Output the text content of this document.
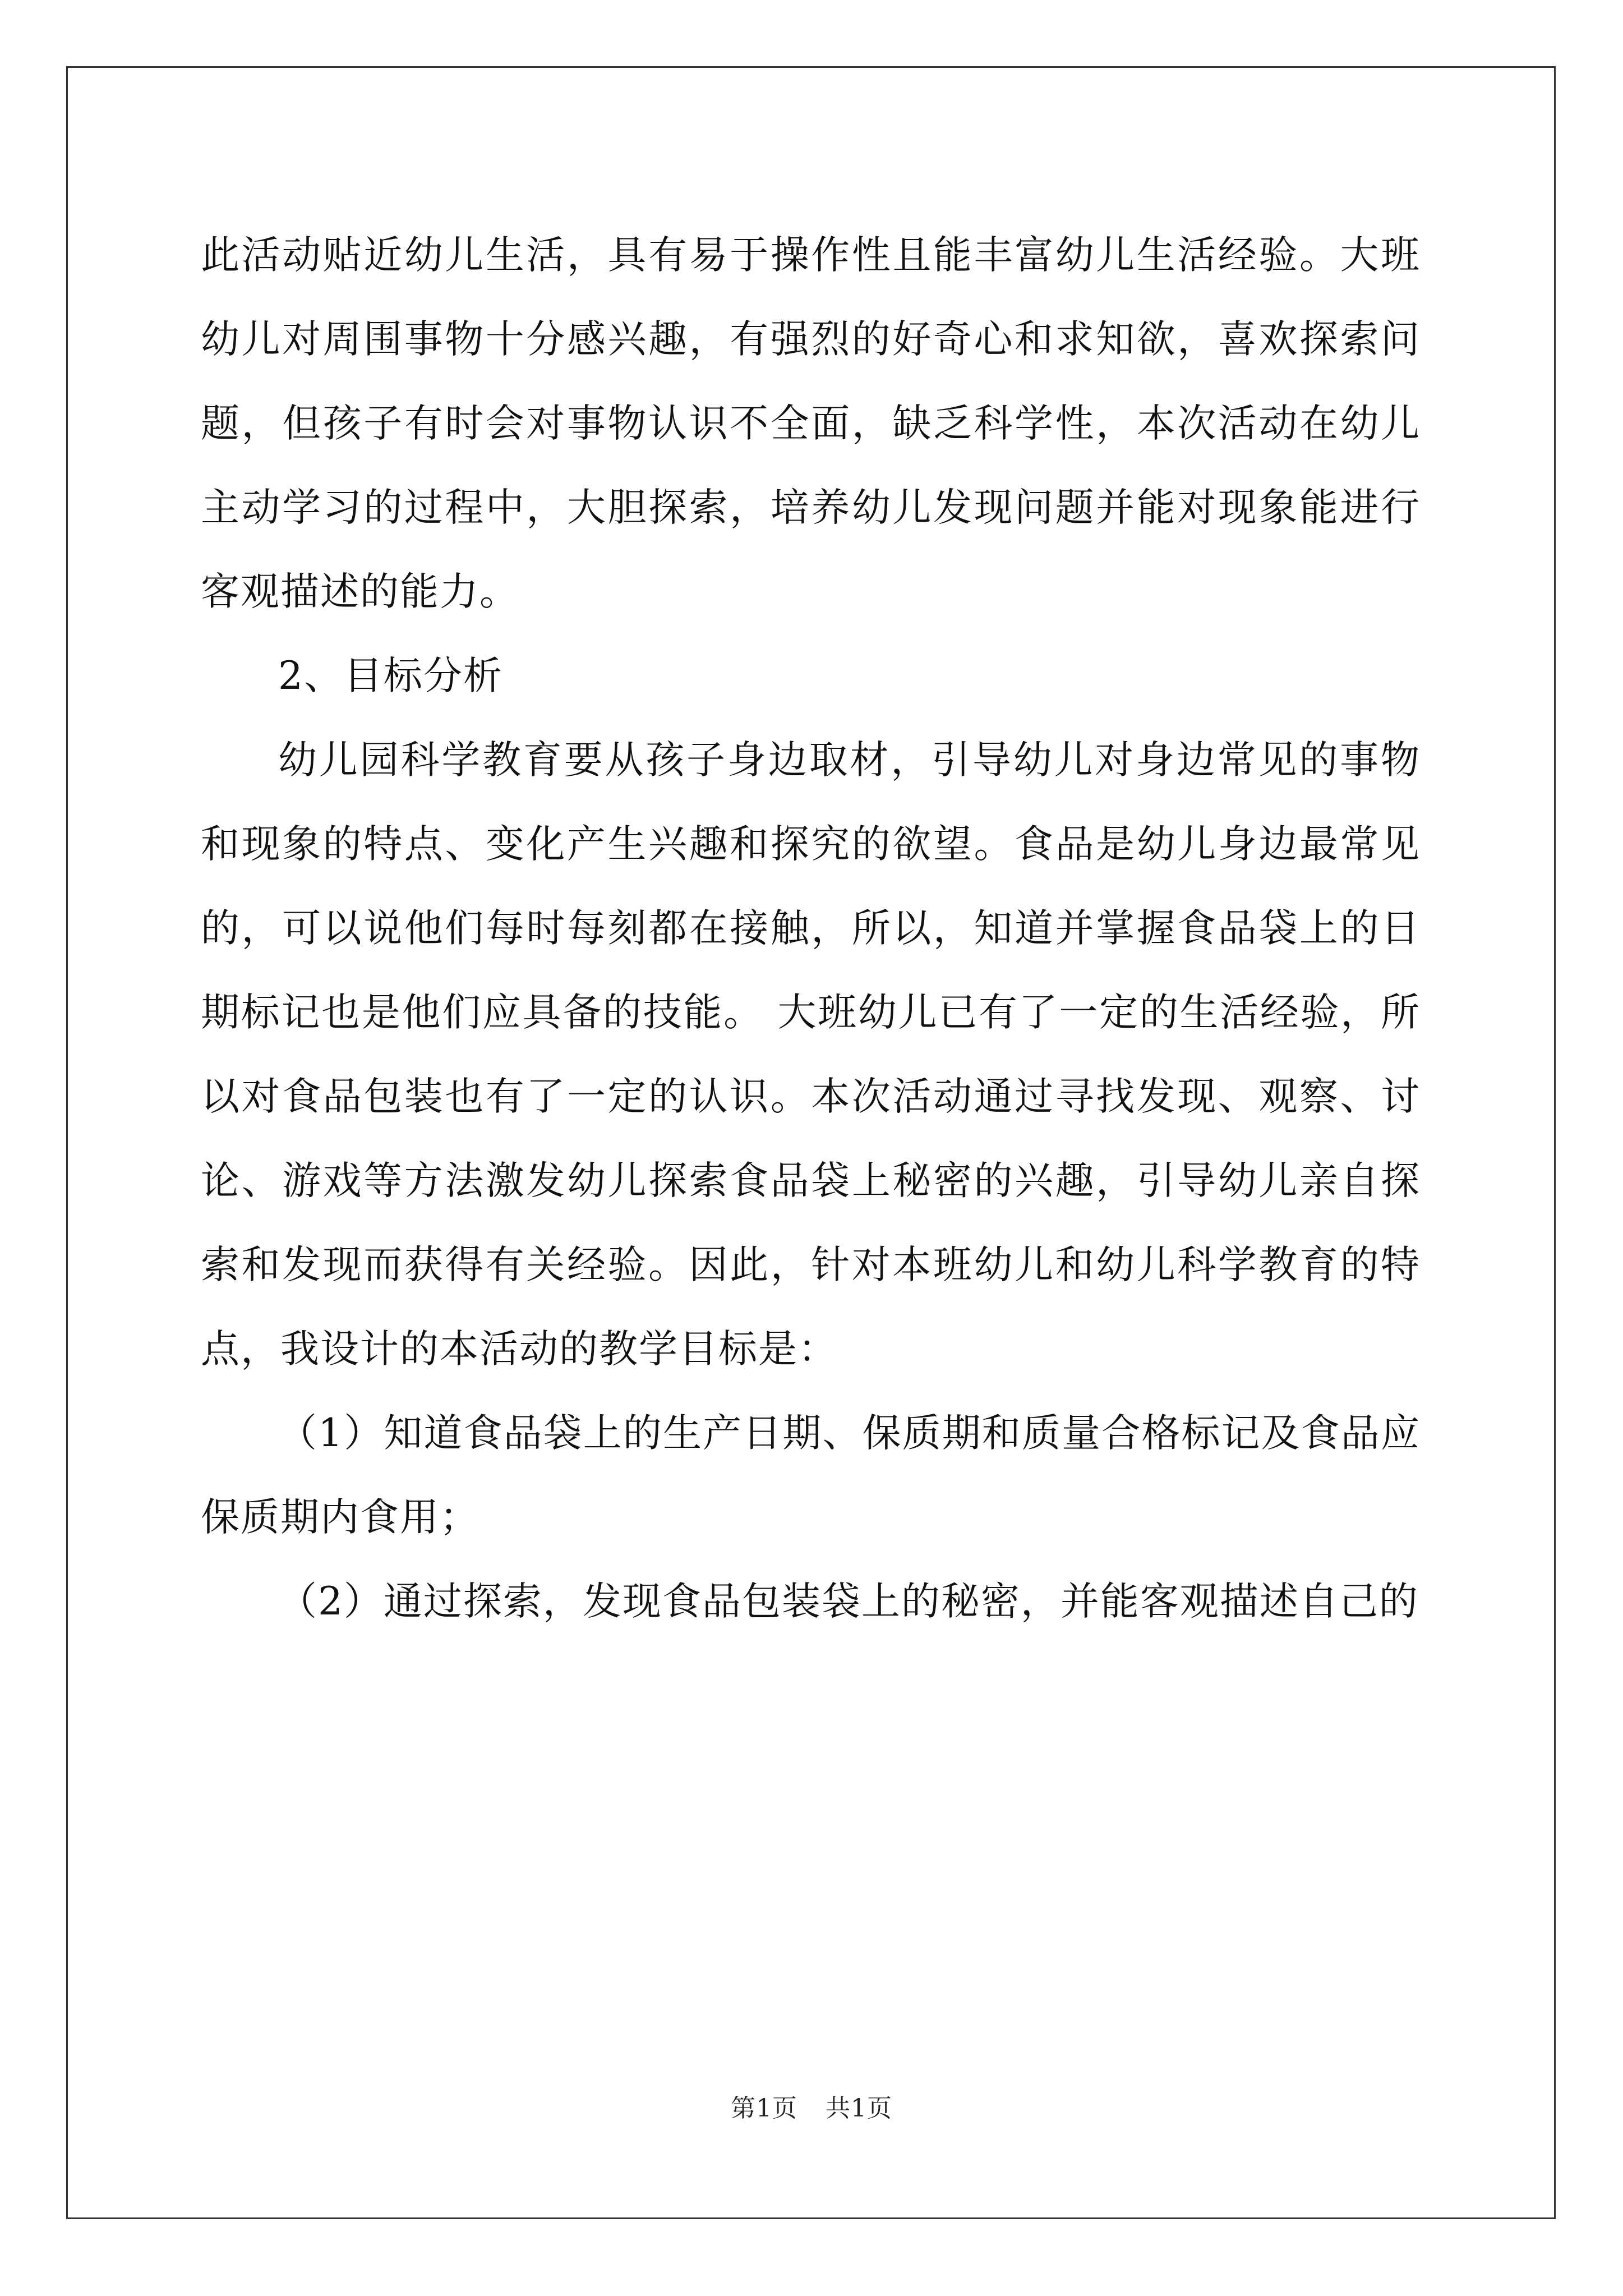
此活动贴近幼儿生活，具有易于操作性且能丰富幼儿生活经验。大班幼儿对周围事物十分感兴趣，有强烈的好奇心和求知欲，喜欢探索问题，但孩子有时会对事物认识不全面，缺乏科学性，本次活动在幼儿主动学习的过程中，大胆探索，培养幼儿发现问题并能对现象能进行客观描述的能力。

2、目标分析

幼儿园科学教育要从孩子身边取材，引导幼儿对身边常见的事物和现象的特点、变化产生兴趣和探究的欲望。食品是幼儿身边最常见的，可以说他们每时每刻都在接触，所以，知道并掌握食品袋上的日期标记也是他们应具备的技能。 大班幼儿已有了一定的生活经验，所以对食品包装也有了一定的认识。本次活动通过寻找发现、观察、讨论、游戏等方法激发幼儿探索食品袋上秘密的兴趣，引导幼儿亲自探索和发现而获得有关经验。因此，针对本班幼儿和幼儿科学教育的特点，我设计的本活动的教学目标是：

（1）知道食品袋上的生产日期、保质期和质量合格标记及食品应保质期内食用；

（2）通过探索，发现食品包装袋上的秘密，并能客观描述自己的

第1页 共1页
